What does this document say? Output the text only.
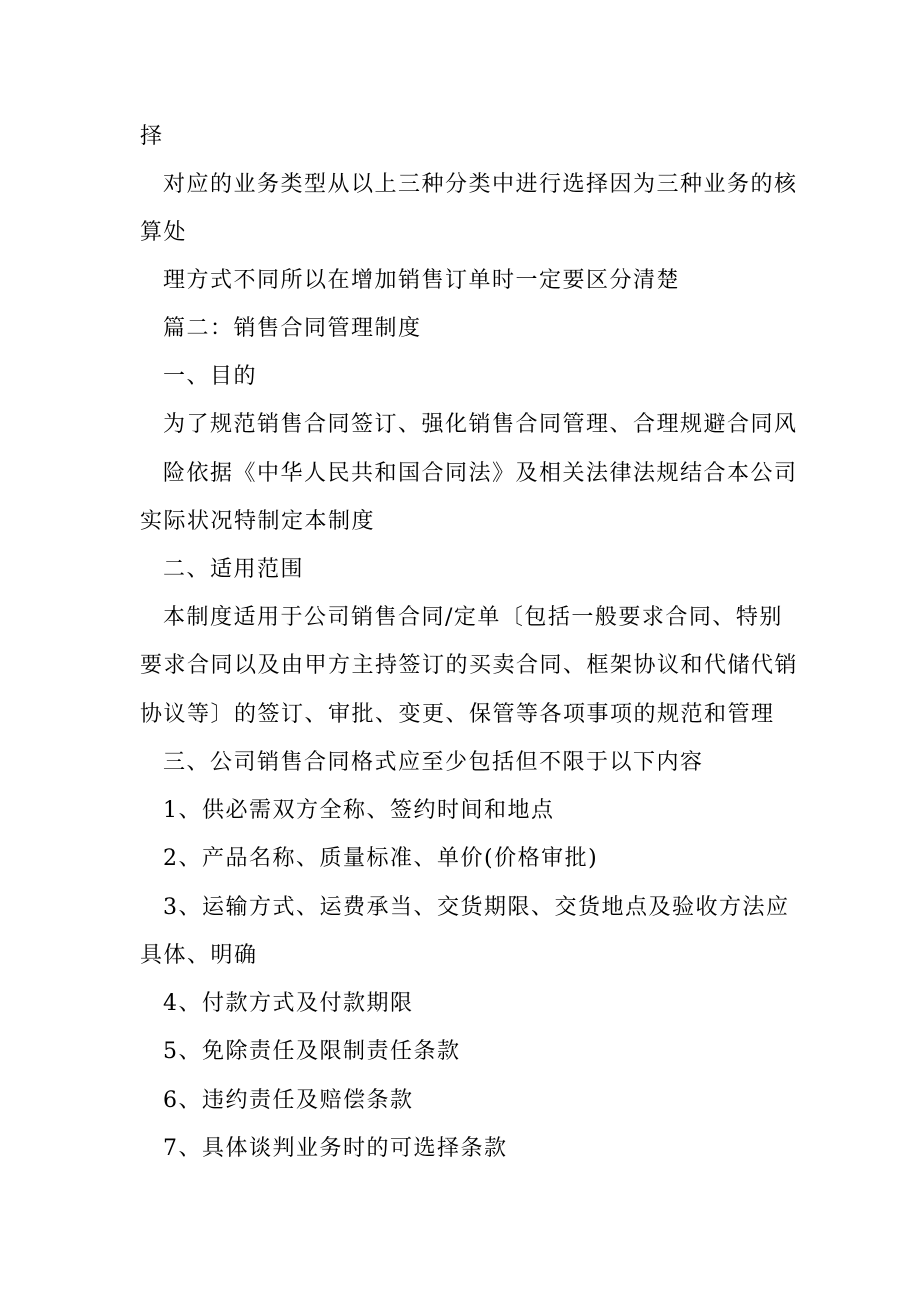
择
对应的业务类型从以上三种分类中进行选择因为三种业务的核
算处
理方式不同所以在增加销售订单时一定要区分清楚
篇二：销售合同管理制度
一、目的
为了规范销售合同签订、强化销售合同管理、合理规避合同风
险依据《中华人民共和国合同法》及相关法律法规结合本公司
实际状况特制定本制度
二、适用范围
本制度适用于公司销售合同/定单〔包括一般要求合同、特别
要求合同以及由甲方主持签订的买卖合同、框架协议和代储代销
协议等〕的签订、审批、变更、保管等各项事项的规范和管理
三、公司销售合同格式应至少包括但不限于以下内容
1、供必需双方全称、签约时间和地点
2、产品名称、质量标准、单价(价格审批)
3、运输方式、运费承当、交货期限、交货地点及验收方法应
具体、明确
4、付款方式及付款期限
5、免除责任及限制责任条款
6、违约责任及赔偿条款
7、具体谈判业务时的可选择条款
